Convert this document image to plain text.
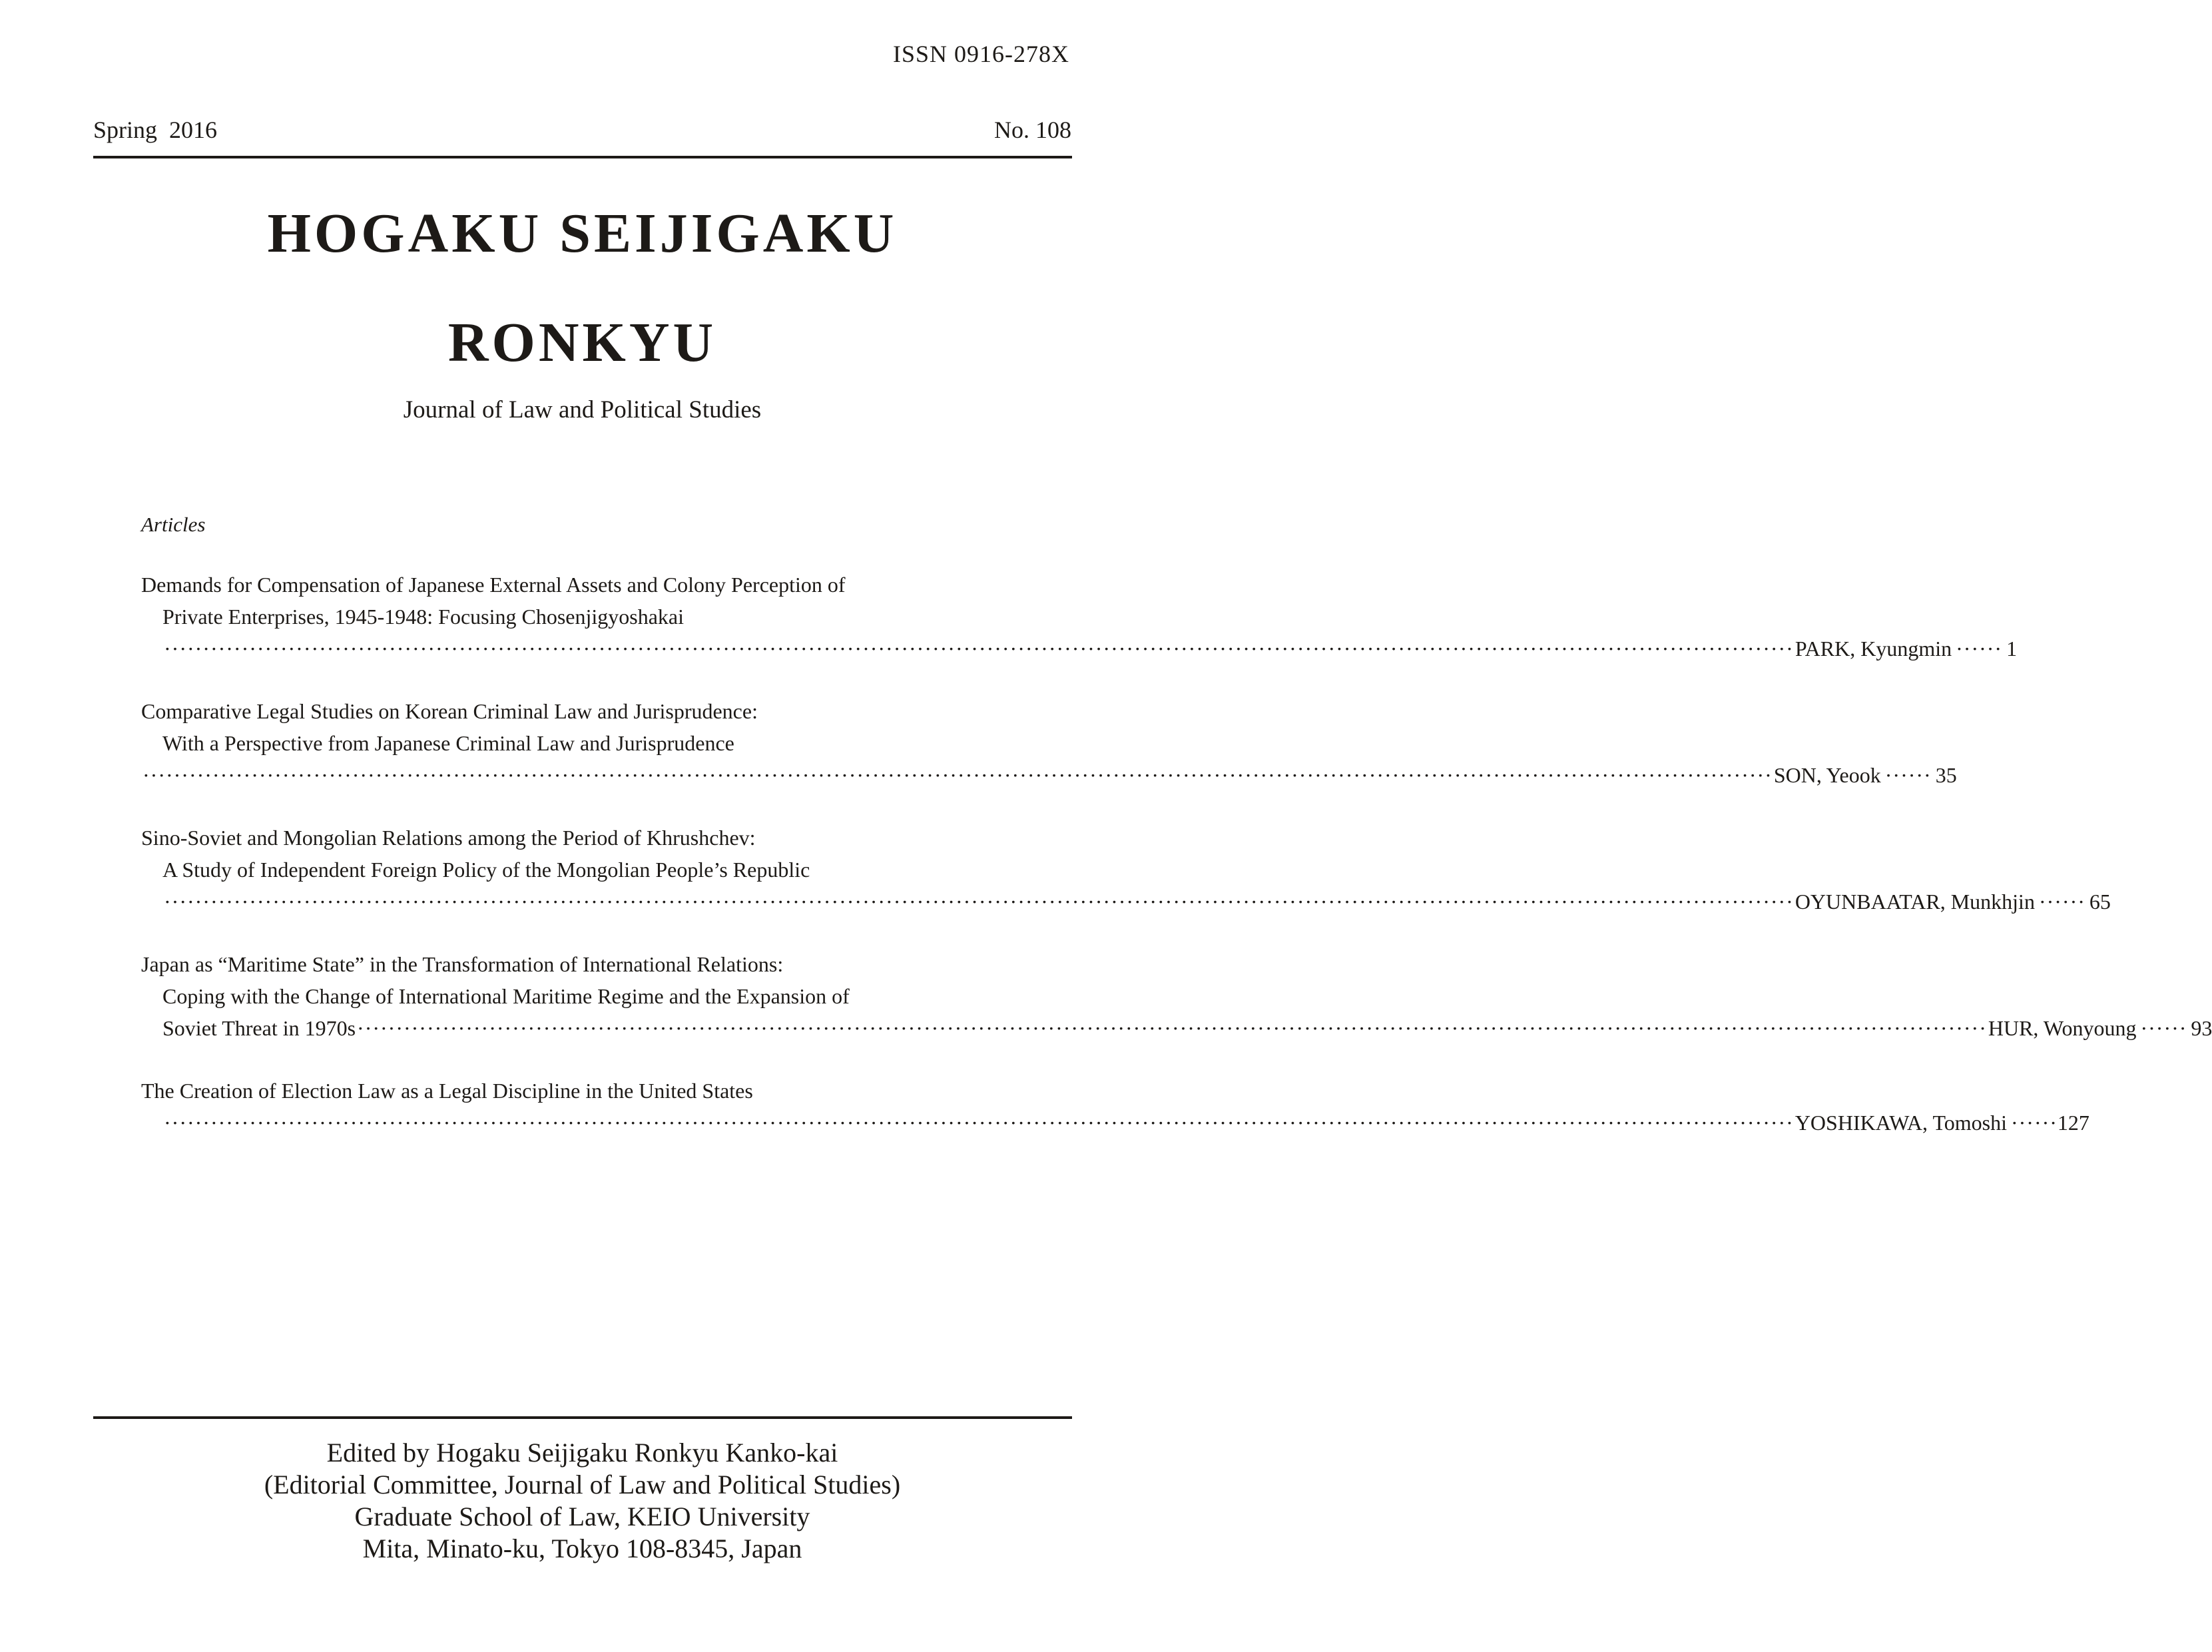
ISSN 0916-278X
Spring  2016	No. 108
HOGAKU SEIJIGAKU
RONKYU
Journal of Law and Political Studies
Articles
Demands for Compensation of Japanese External Assets and Colony Perception of
Private Enterprises, 1945-1948: Focusing Chosenjigyoshakai
·················································································································································································································· PARK, Kyungmin ······ 1
Comparative Legal Studies on Korean Criminal Law and Jurisprudence:
With a Perspective from Japanese Criminal Law and Jurisprudence
·················································································································································································································· SON, Yeook ······ 35
Sino-Soviet and Mongolian Relations among the Period of Khrushchev:
A Study of Independent Foreign Policy of the Mongolian People’s Republic
·················································································································································································································· OYUNBAATAR, Munkhjin ······ 65
Japan as “Maritime State” in the Transformation of International Relations:
Coping with the Change of International Maritime Regime and the Expansion of
Soviet Threat in 1970s ·················································································································································································································· HUR, Wonyoung ······ 93
The Creation of Election Law as a Legal Discipline in the United States
·················································································································································································································· YOSHIKAWA, Tomoshi ······ 127
Edited by Hogaku Seijigaku Ronkyu Kanko-kai
(Editorial Committee, Journal of Law and Political Studies)
Graduate School of Law, KEIO University
Mita, Minato-ku, Tokyo 108-8345, Japan
